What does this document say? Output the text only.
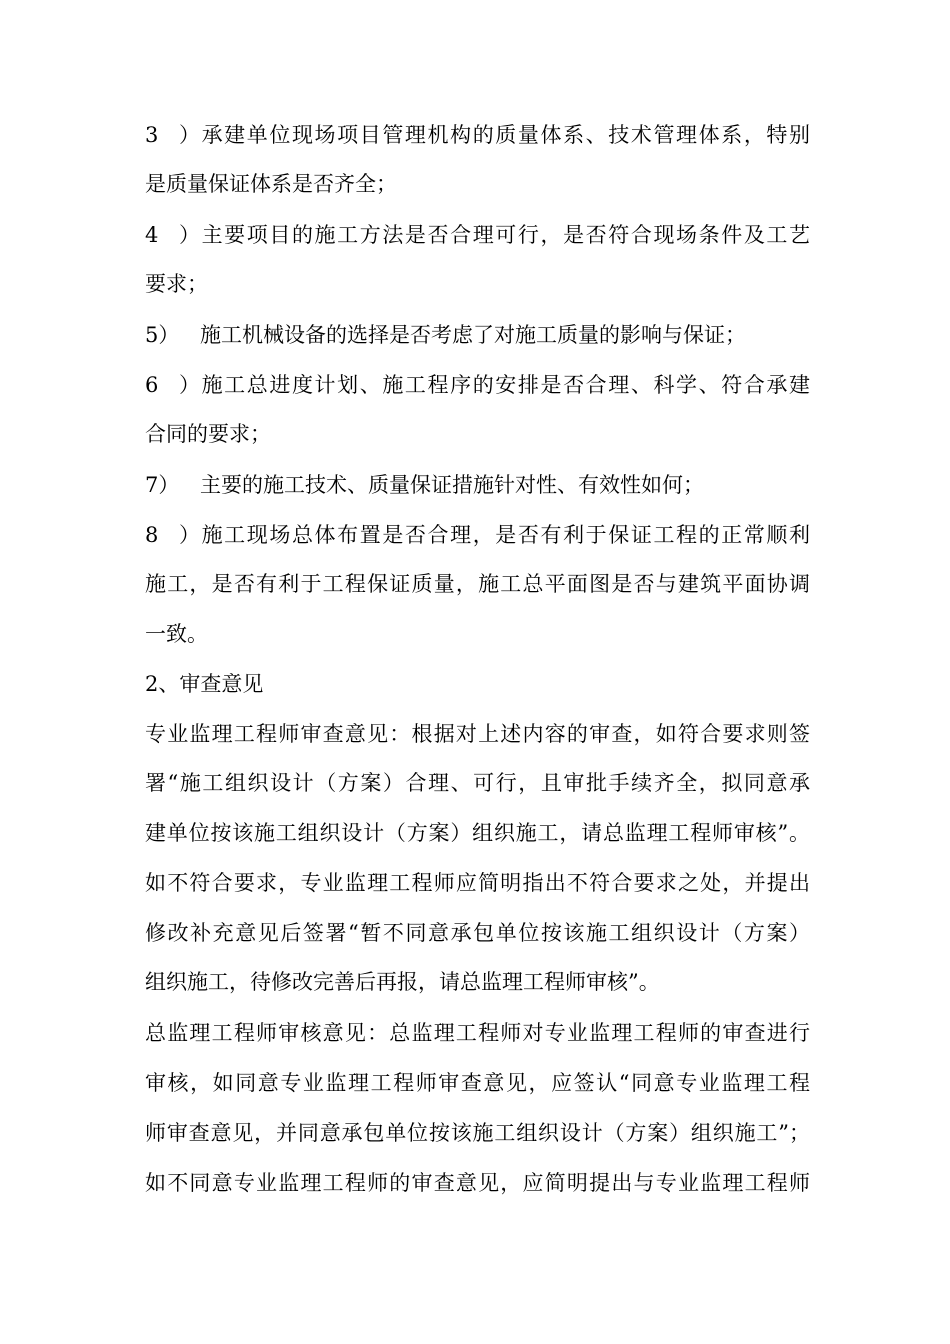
3）承建单位现场项目管理机构的质量体系、技术管理体系，特别
是质量保证体系是否齐全；
4）主要项目的施工方法是否合理可行，是否符合现场条件及工艺
要求；
5） 施工机械设备的选择是否考虑了对施工质量的影响与保证；
6）施工总进度计划、施工程序的安排是否合理、科学、符合承建
合同的要求；
7） 主要的施工技术、质量保证措施针对性、有效性如何；
8）施工现场总体布置是否合理，是否有利于保证工程的正常顺利
施工，是否有利于工程保证质量，施工总平面图是否与建筑平面协调
一致。
2、审查意见
专业监理工程师审查意见：根据对上述内容的审查，如符合要求则签
署“施工组织设计（方案）合理、可行，且审批手续齐全，拟同意承
建单位按该施工组织设计（方案）组织施工，请总监理工程师审核”。
如不符合要求，专业监理工程师应简明指出不符合要求之处，并提出
修改补充意见后签署“暂不同意承包单位按该施工组织设计（方案）
组织施工，待修改完善后再报，请总监理工程师审核”。
总监理工程师审核意见：总监理工程师对专业监理工程师的审查进行
审核，如同意专业监理工程师审查意见，应签认“同意专业监理工程
师审查意见，并同意承包单位按该施工组织设计（方案）组织施工”；
如不同意专业监理工程师的审查意见，应简明提出与专业监理工程师
